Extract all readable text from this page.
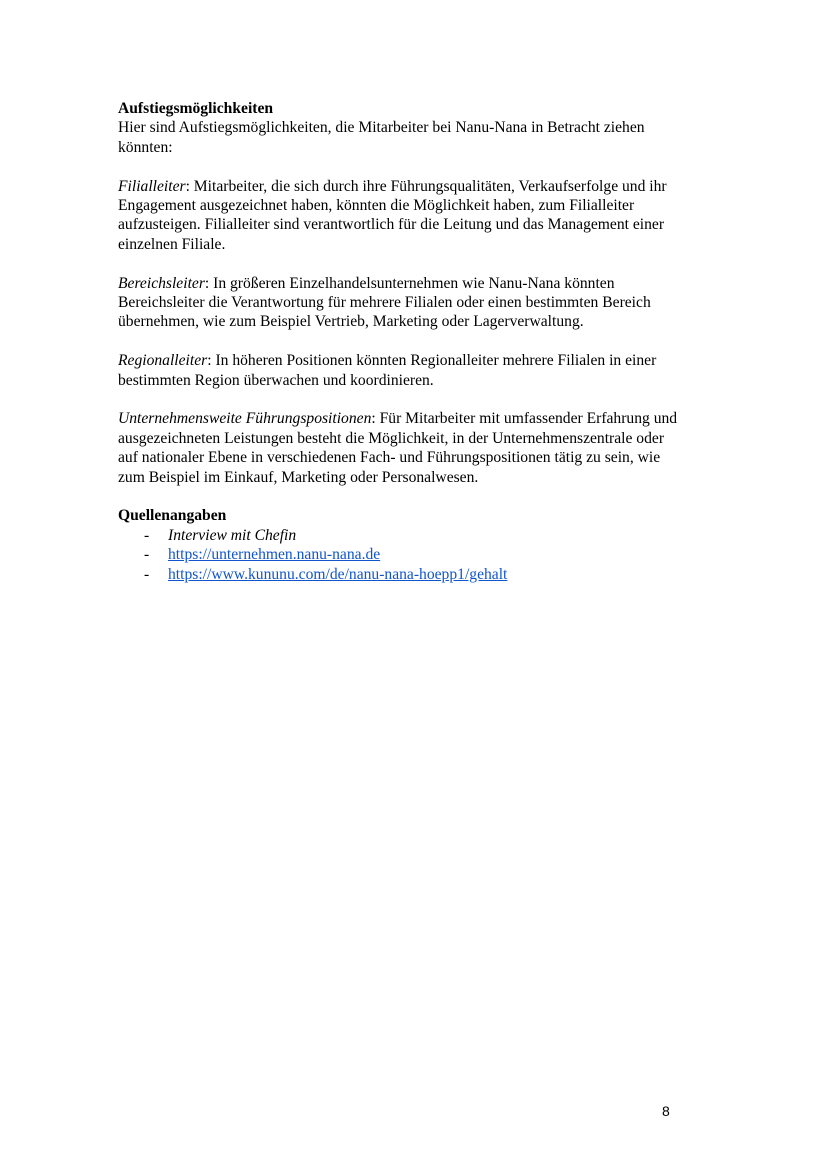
Aufstiegsmöglichkeiten

Hier sind Aufstiegsmöglichkeiten, die Mitarbeiter bei Nanu-Nana in Betracht ziehen könnten:

Filialleiter: Mitarbeiter, die sich durch ihre Führungsqualitäten, Verkaufserfolge und ihr Engagement ausgezeichnet haben, könnten die Möglichkeit haben, zum Filialleiter aufzusteigen. Filialleiter sind verantwortlich für die Leitung und das Management einer einzelnen Filiale.

Bereichsleiter: In größeren Einzelhandelsunternehmen wie Nanu-Nana könnten Bereichsleiter die Verantwortung für mehrere Filialen oder einen bestimmten Bereich übernehmen, wie zum Beispiel Vertrieb, Marketing oder Lagerverwaltung.

Regionalleiter: In höheren Positionen könnten Regionalleiter mehrere Filialen in einer bestimmten Region überwachen und koordinieren.

Unternehmensweite Führungspositionen: Für Mitarbeiter mit umfassender Erfahrung und ausgezeichneten Leistungen besteht die Möglichkeit, in der Unternehmenszentrale oder auf nationaler Ebene in verschiedenen Fach- und Führungspositionen tätig zu sein, wie zum Beispiel im Einkauf, Marketing oder Personalwesen.

Quellenangaben

- Interview mit Chefin
- https://unternehmen.nanu-nana.de
- https://www.kununu.com/de/nanu-nana-hoepp1/gehalt
8
